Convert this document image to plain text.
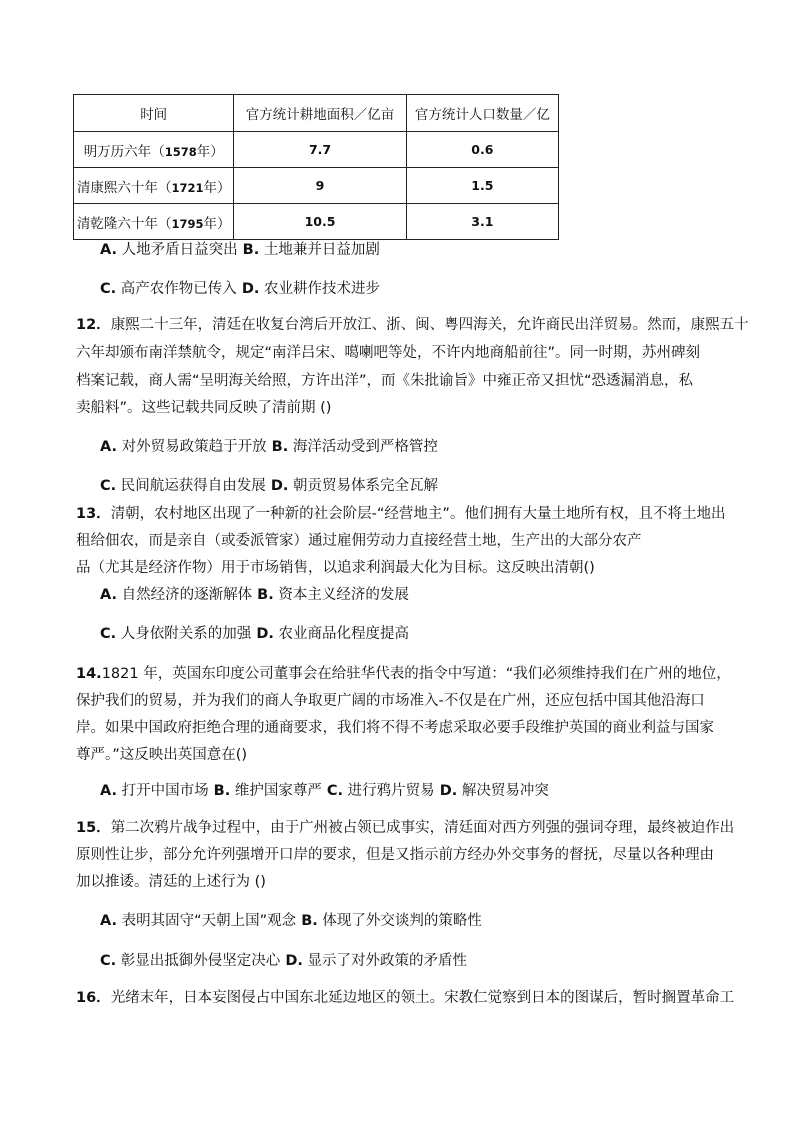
时间	官方统计耕地面积／亿亩	官方统计人口数量／亿
明万历六年（1578年）	7.7	0.6
清康熙六十年（1721年）	9	1.5
清乾隆六十年（1795年）	10.5	3.1
A. 人地矛盾日益突出 B. 土地兼并日益加剧
C. 高产农作物已传入 D. 农业耕作技术进步
12．康熙二十三年，清廷在收复台湾后开放江、浙、闽、粤四海关，允许商民出洋贸易。然而，康熙五十
六年却颁布南洋禁航令，规定“南洋吕宋、噶喇吧等处，不许内地商船前往”。同一时期，苏州碑刻
档案记载，商人需“呈明海关给照，方许出洋”，而《朱批谕旨》中雍正帝又担忧“恐透漏消息，私
卖船料”。这些记载共同反映了清前期 ()
A. 对外贸易政策趋于开放 B. 海洋活动受到严格管控
C. 民间航运获得自由发展 D. 朝贡贸易体系完全瓦解
13．清朝，农村地区出现了一种新的社会阶层-“经营地主”。他们拥有大量土地所有权，且不将土地出
租给佃农，而是亲自（或委派管家）通过雇佣劳动力直接经营土地，生产出的大部分农产
品（尤其是经济作物）用于市场销售，以追求利润最大化为目标。这反映出清朝()
A. 自然经济的逐渐解体 B. 资本主义经济的发展
C. 人身依附关系的加强 D. 农业商品化程度提高
14.1821 年，英国东印度公司董事会在给驻华代表的指令中写道：“我们必须维持我们在广州的地位，
保护我们的贸易，并为我们的商人争取更广阔的市场准入-不仅是在广州，还应包括中国其他沿海口
岸。如果中国政府拒绝合理的通商要求，我们将不得不考虑采取必要手段维护英国的商业利益与国家
尊严。”这反映出英国意在()
A. 打开中国市场 B. 维护国家尊严 C. 进行鸦片贸易 D. 解决贸易冲突
15．第二次鸦片战争过程中，由于广州被占领已成事实，清廷面对西方列强的强词夺理，最终被迫作出
原则性让步，部分允许列强增开口岸的要求，但是又指示前方经办外交事务的督抚，尽量以各种理由
加以推诿。清廷的上述行为 ()
A. 表明其固守“天朝上国”观念 B. 体现了外交谈判的策略性
C. 彰显出抵御外侵坚定决心 D. 显示了对外政策的矛盾性
16．光绪末年，日本妄图侵占中国东北延边地区的领土。宋教仁觉察到日本的图谋后，暂时搁置革命工
